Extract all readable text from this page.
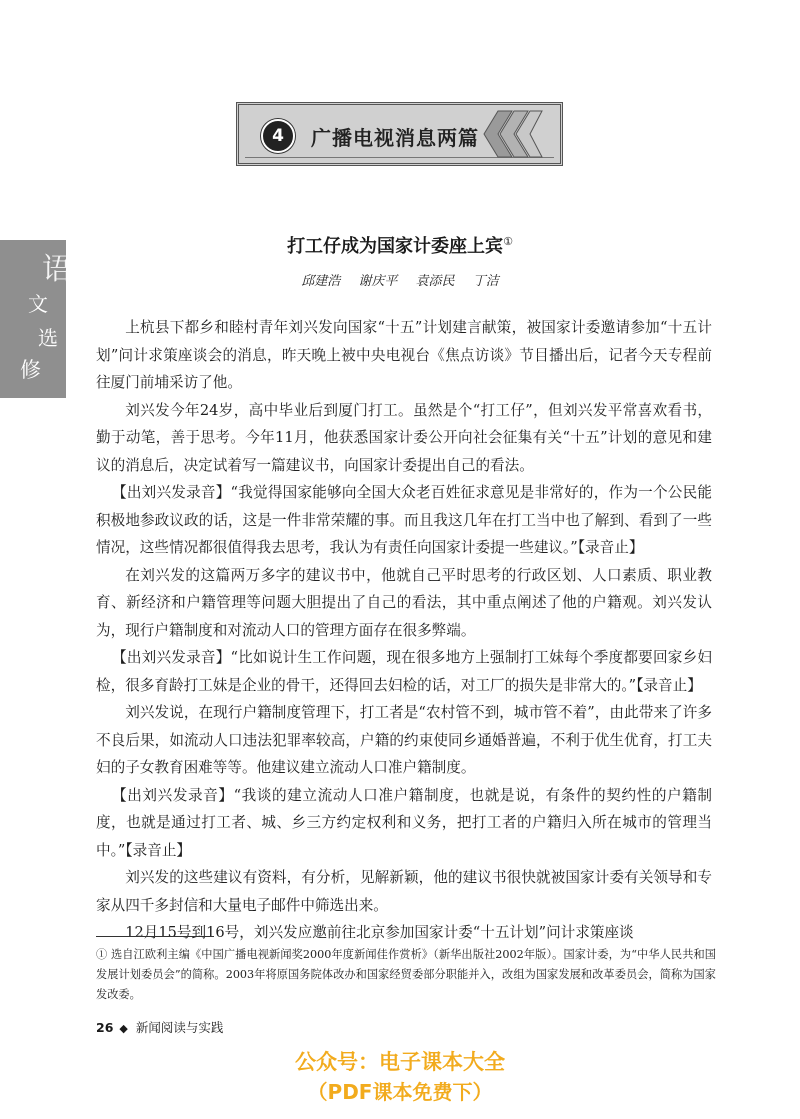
语
文
选
修
4	广播电视消息两篇
打工仔成为国家计委座上宾①
邱建浩 谢庆平 袁添民 丁洁

上杭县下都乡和睦村青年刘兴发向国家“十五”计划建言献策，被国家计委邀请参加“十五计划”问计求策座谈会的消息，昨天晚上被中央电视台《焦点访谈》节目播出后，记者今天专程前往厦门前埔采访了他。

刘兴发今年24岁，高中毕业后到厦门打工。虽然是个“打工仔”，但刘兴发平常喜欢看书，勤于动笔，善于思考。今年11月，他获悉国家计委公开向社会征集有关“十五”计划的意见和建议的消息后，决定试着写一篇建议书，向国家计委提出自己的看法。

【出刘兴发录音】“我觉得国家能够向全国大众老百姓征求意见是非常好的，作为一个公民能积极地参政议政的话，这是一件非常荣耀的事。而且我这几年在打工当中也了解到、看到了一些情况，这些情况都很值得我去思考，我认为有责任向国家计委提一些建议。”【录音止】

在刘兴发的这篇两万多字的建议书中，他就自己平时思考的行政区划、人口素质、职业教育、新经济和户籍管理等问题大胆提出了自己的看法，其中重点阐述了他的户籍观。刘兴发认为，现行户籍制度和对流动人口的管理方面存在很多弊端。

【出刘兴发录音】“比如说计生工作问题，现在很多地方上强制打工妹每个季度都要回家乡妇检，很多育龄打工妹是企业的骨干，还得回去妇检的话，对工厂的损失是非常大的。”【录音止】

刘兴发说，在现行户籍制度管理下，打工者是“农村管不到，城市管不着”，由此带来了许多不良后果，如流动人口违法犯罪率较高，户籍的约束使同乡通婚普遍，不利于优生优育，打工夫妇的子女教育困难等等。他建议建立流动人口准户籍制度。

【出刘兴发录音】“我谈的建立流动人口准户籍制度，也就是说，有条件的契约性的户籍制度，也就是通过打工者、城、乡三方约定权利和义务，把打工者的户籍归入所在城市的管理当中。”【录音止】

刘兴发的这些建议有资料，有分析，见解新颖，他的建议书很快就被国家计委有关领导和专家从四千多封信和大量电子邮件中筛选出来。

12月15号到16号，刘兴发应邀前往北京参加国家计委“十五计划”问计求策座谈

① 选自江欧利主编《中国广播电视新闻奖2000年度新闻佳作赏析》（新华出版社2002年版）。国家计委，为“中华人民共和国发展计划委员会”的简称。2003年将原国务院体改办和国家经贸委部分职能并入，改组为国家发展和改革委员会，简称为国家发改委。
26 ◆ 新闻阅读与实践
公众号：电子课本大全
（PDF课本免费下）
